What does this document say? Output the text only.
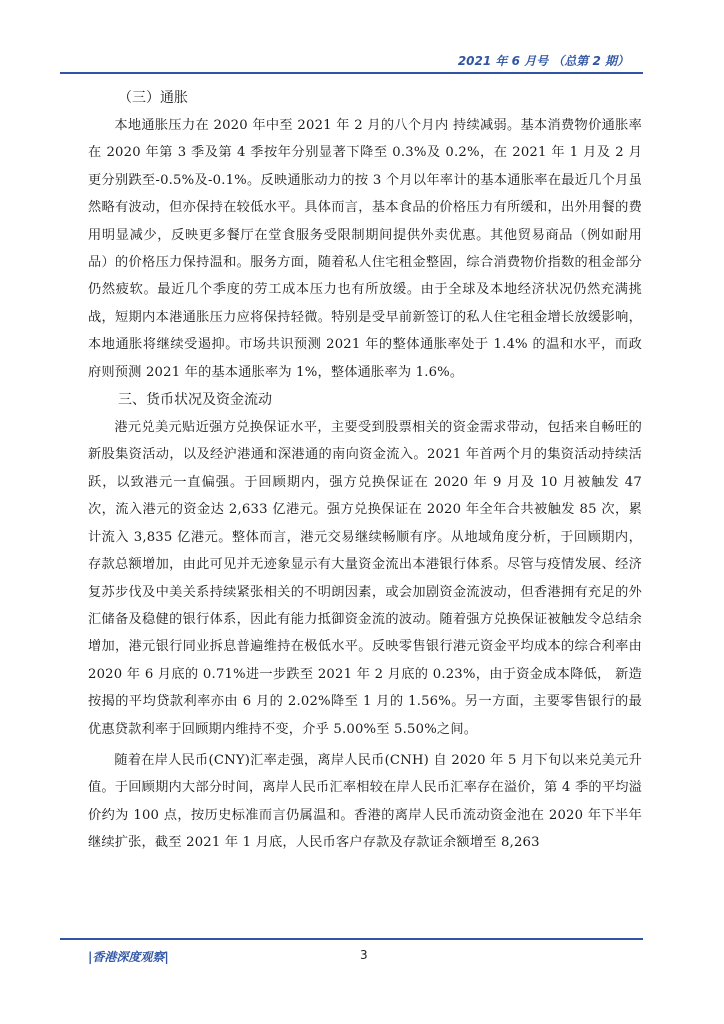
2021 年 6 月号 （总第 2 期）
（三）通胀

本地通胀压力在 2020 年中至 2021 年 2 月的八个月内 持续减弱。基本消费物价通胀率在 2020 年第 3 季及第 4 季按年分别显著下降至 0.3%及 0.2%，在 2021 年 1 月及 2 月更分别跌至-0.5%及-0.1%。反映通胀动力的按 3 个月以年率计的基本通胀率在最近几个月虽然略有波动，但亦保持在较低水平。具体而言，基本食品的价格压力有所缓和，出外用餐的费用明显减少，反映更多餐厅在堂食服务受限制期间提供外卖优惠。其他贸易商品（例如耐用品）的价格压力保持温和。服务方面，随着私人住宅租金整固，综合消费物价指数的租金部分仍然疲软。最近几个季度的劳工成本压力也有所放缓。由于全球及本地经济状况仍然充满挑战，短期内本港通胀压力应将保持轻微。特别是受早前新签订的私人住宅租金增长放缓影响，本地通胀将继续受遏抑。市场共识预测 2021 年的整体通胀率处于 1.4% 的温和水平，而政府则预测 2021 年的基本通胀率为 1%，整体通胀率为 1.6%。

三、货币状况及资金流动

港元兑美元贴近强方兑换保证水平，主要受到股票相关的资金需求带动，包括来自畅旺的新股集资活动，以及经沪港通和深港通的南向资金流入。2021 年首两个月的集资活动持续活跃，以致港元一直偏强。于回顾期内，强方兑换保证在 2020 年 9 月及 10 月被触发 47 次，流入港元的资金达 2,633 亿港元。强方兑换保证在 2020 年全年合共被触发 85 次，累计流入 3,835 亿港元。整体而言，港元交易继续畅顺有序。从地域角度分析，于回顾期内，存款总额增加，由此可见并无迹象显示有大量资金流出本港银行体系。尽管与疫情发展、经济复苏步伐及中美关系持续紧张相关的不明朗因素，或会加剧资金流波动，但香港拥有充足的外汇储备及稳健的银行体系，因此有能力抵御资金流的波动。随着强方兑换保证被触发令总结余增加，港元银行同业拆息普遍维持在极低水平。反映零售银行港元资金平均成本的综合利率由 2020 年 6 月底的 0.71%进一步跌至 2021 年 2 月底的 0.23%，由于资金成本降低， 新造按揭的平均贷款利率亦由 6 月的 2.02%降至 1 月的 1.56%。另一方面，主要零售银行的最优惠贷款利率于回顾期内维持不变，介乎 5.00%至 5.50%之间。

随着在岸人民币(CNY)汇率走强，离岸人民币(CNH) 自 2020 年 5 月下旬以来兑美元升值。于回顾期内大部分时间，离岸人民币汇率相较在岸人民币汇率存在溢价，第 4 季的平均溢价约为 100 点，按历史标准而言仍属温和。香港的离岸人民币流动资金池在 2020 年下半年继续扩张，截至 2021 年 1 月底，人民币客户存款及存款证余额增至 8,263

|香港深度观察|	3
